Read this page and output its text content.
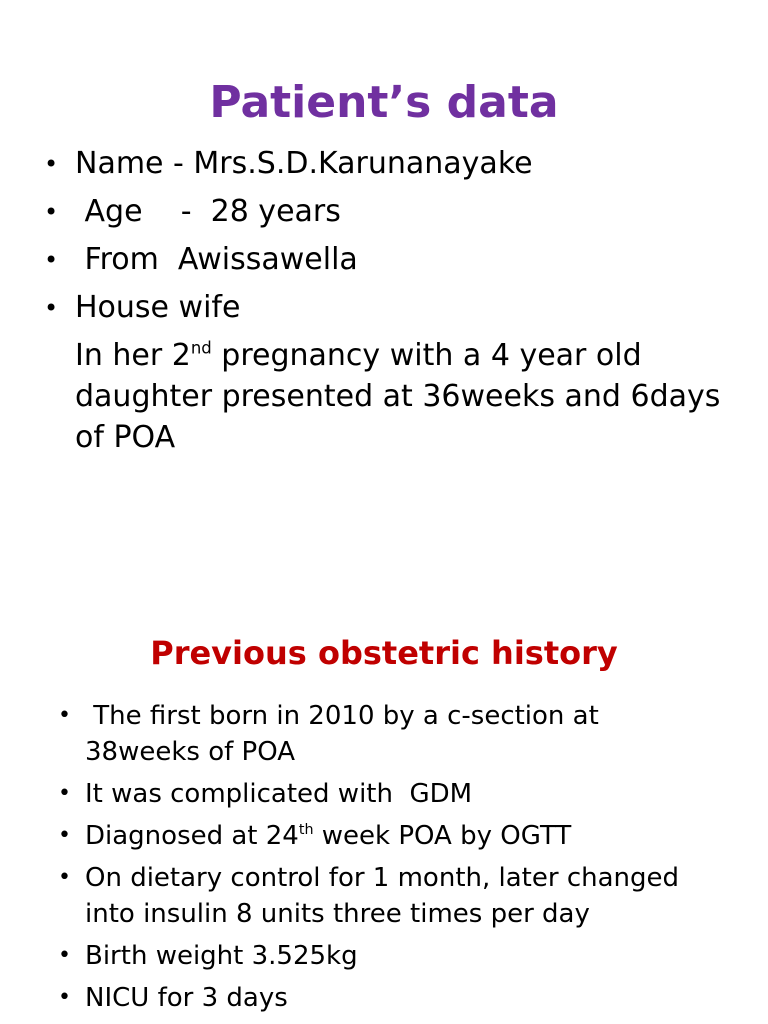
Patient’s data
• Name - Mrs.S.D.Karunanayake
• Age    -  28 years
• From  Awissawella
• House wife
In her 2nd pregnancy with a 4 year old daughter presented at 36weeks and 6days of POA
Previous obstetric history
• The first born in 2010 by a c-section at 38weeks of POA
• It was complicated with  GDM
• Diagnosed at 24th week POA by OGTT
• On dietary control for 1 month, later changed into insulin 8 units three times per day
• Birth weight 3.525kg
• NICU for 3 days
